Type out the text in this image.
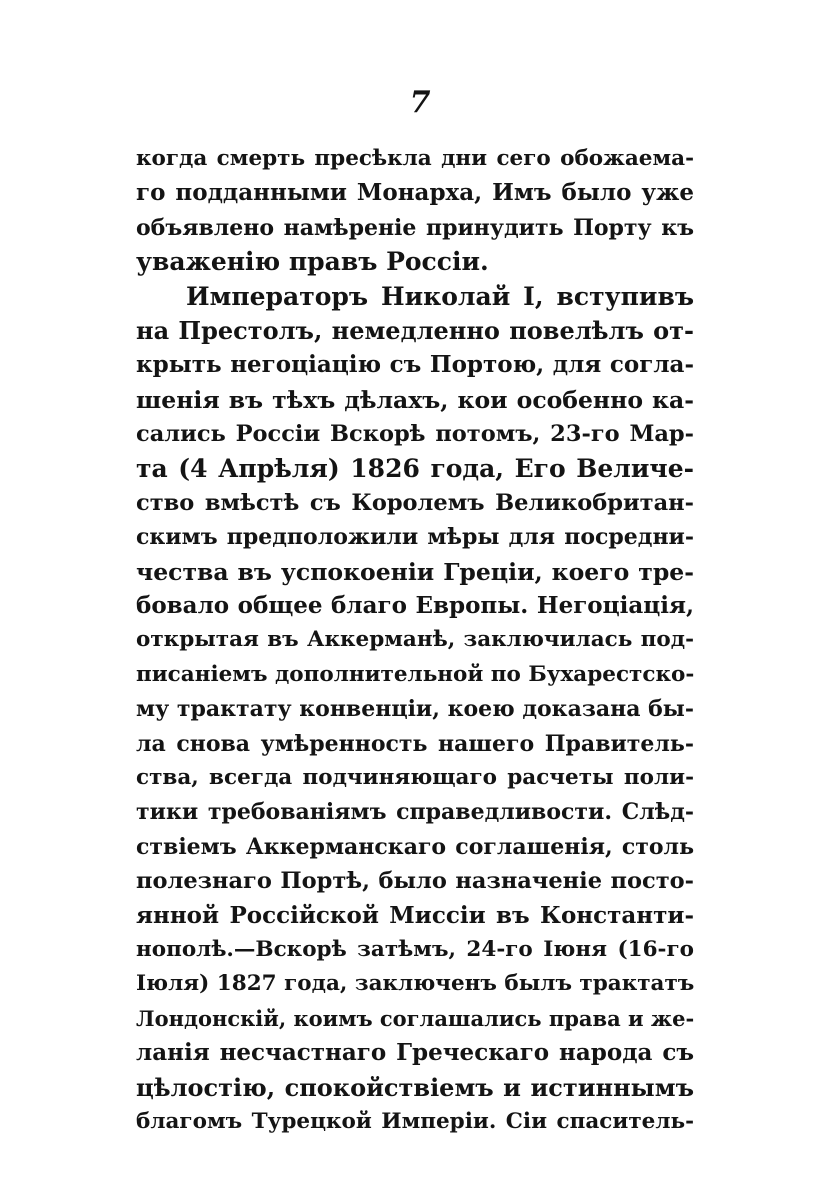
7
когда смерть пресѣкла дни сего обожаема-
го подданными Монарха, Имъ было уже
объявлено намѣреніе принудить Порту къ
уваженію правъ Россіи.
Императоръ Николай I, вступивъ
на Престолъ, немедленно повелѣлъ от-
крыть негоціацію съ Портою, для согла-
шенія въ тѣхъ дѣлахъ, кои особенно ка-
сались Россіи Вскорѣ потомъ, 23-го Мар-
та (4 Апрѣля) 1826 года, Его Величе-
ство вмѣстѣ съ Королемъ Великобритан-
скимъ предположили мѣры для посредни-
чества въ успокоеніи Греціи, коего тре-
бовало общее благо Европы. Негоціація,
открытая въ Аккерманѣ, заключилась под-
писаніемъ дополнительной по Бухарестско-
му трактату конвенціи, коею доказана бы-
ла снова умѣренность нашего Правитель-
ства, всегда подчиняющаго расчеты поли-
тики требованіямъ справедливости. Слѣд-
ствіемъ Аккерманскаго соглашенія, столь
полезнаго Портѣ, было назначеніе посто-
янной Россійской Миссіи въ Константи-
нополѣ.—Вскорѣ затѣмъ, 24-го Іюня (16-го
Іюля) 1827 года, заключенъ былъ трактатъ
Лондонскій, коимъ соглашались права и же-
ланія несчастнаго Греческаго народа съ
цѣлостію, спокойствіемъ и истиннымъ
благомъ Турецкой Имперіи. Сіи спаситель-
